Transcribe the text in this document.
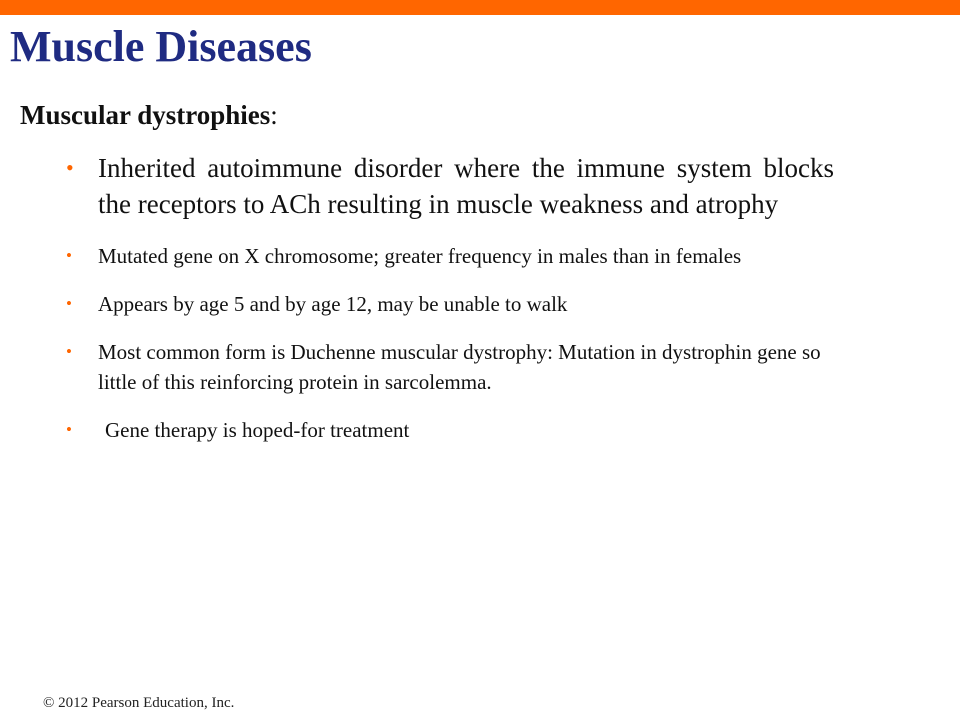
Muscle Diseases

Muscular dystrophies:

• Inherited autoimmune disorder where the immune system blocks the receptors to ACh resulting in muscle weakness and atrophy
• Mutated gene on X chromosome; greater frequency in males than in females
• Appears by age 5 and by age 12, may be unable to walk
• Most common form is Duchenne muscular dystrophy: Mutation in dystrophin gene so little of this reinforcing protein in sarcolemma.
•	Gene therapy is hoped-for treatment

© 2012 Pearson Education, Inc.
